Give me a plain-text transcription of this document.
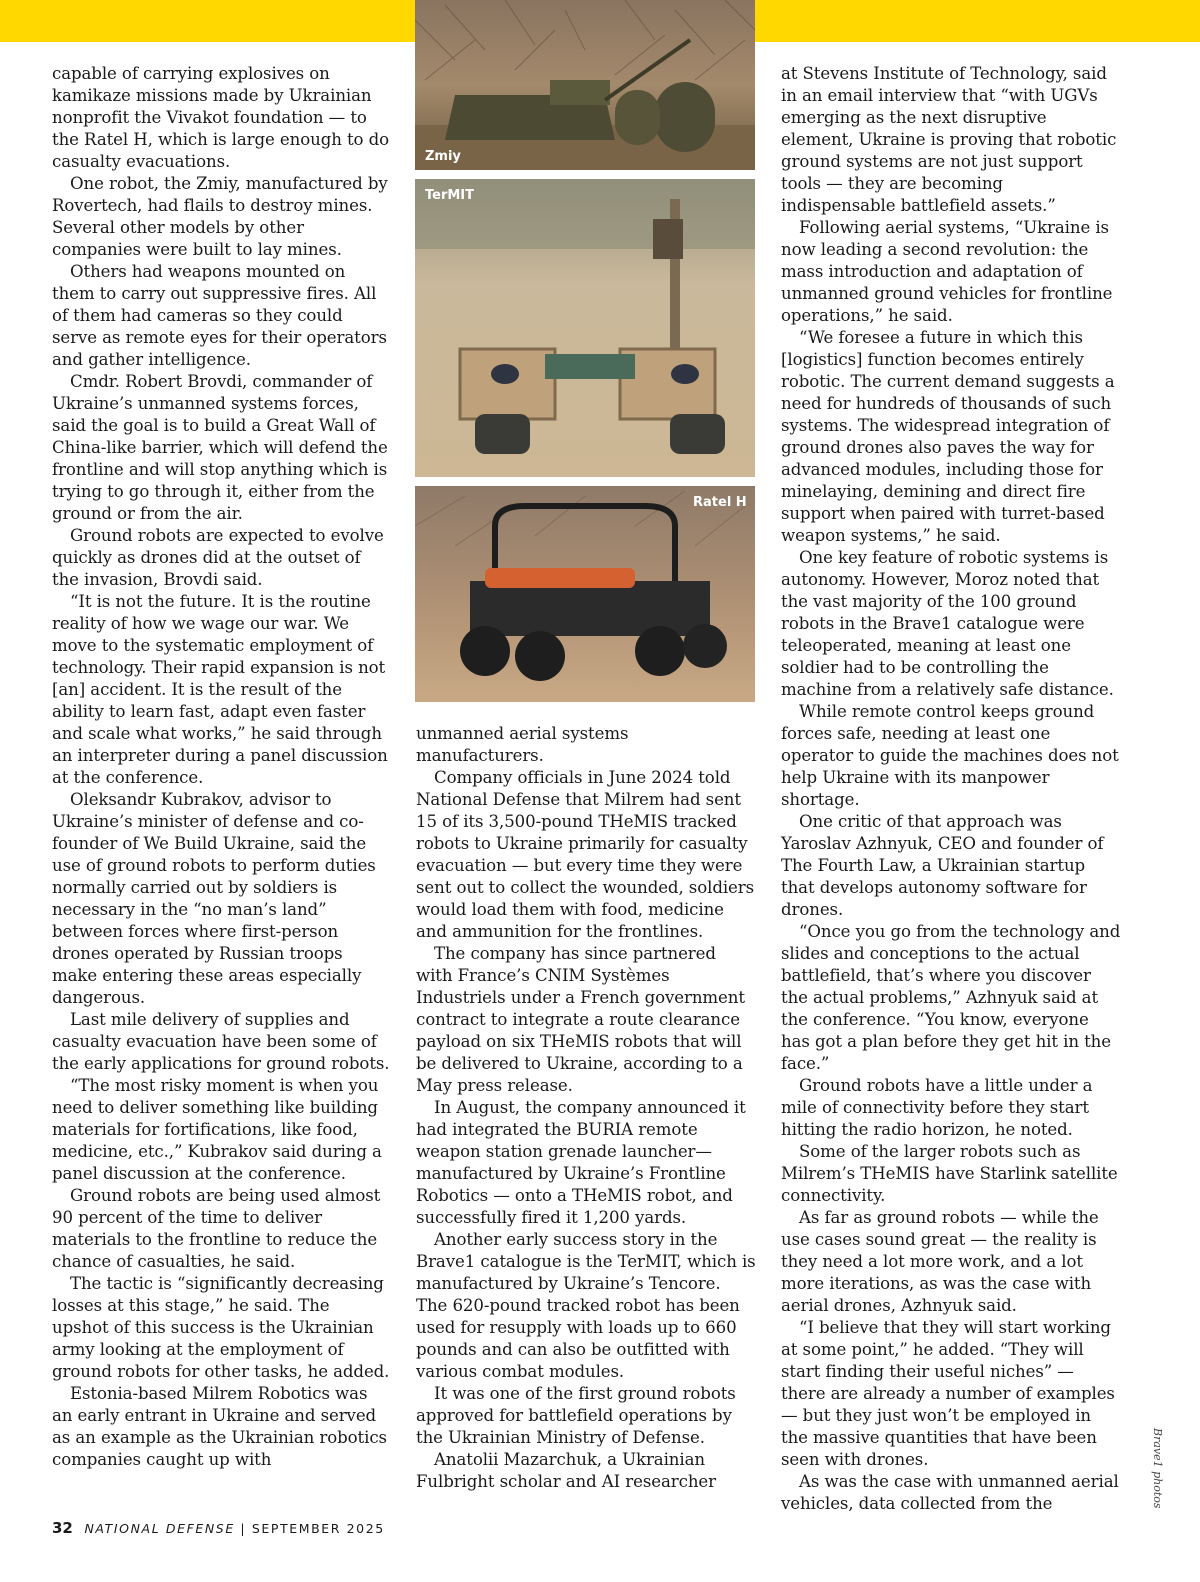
capable of carrying explosives on kamikaze missions made by Ukrainian nonprofit the Vivakot foundation — to the Ratel H, which is large enough to do casualty evacuations.

One robot, the Zmiy, manufactured by Rovertech, had flails to destroy mines. Several other models by other companies were built to lay mines.

Others had weapons mounted on them to carry out suppressive fires. All of them had cameras so they could serve as remote eyes for their operators and gather intelligence.

Cmdr. Robert Brovdi, commander of Ukraine’s unmanned systems forces, said the goal is to build a Great Wall of China-like barrier, which will defend the frontline and will stop anything which is trying to go through it, either from the ground or from the air.

Ground robots are expected to evolve quickly as drones did at the outset of the invasion, Brovdi said.

“It is not the future. It is the routine reality of how we wage our war. We move to the systematic employment of technology. Their rapid expansion is not [an] accident. It is the result of the ability to learn fast, adapt even faster and scale what works,” he said through an interpreter during a panel discussion at the conference.

Oleksandr Kubrakov, advisor to Ukraine’s minister of defense and co-founder of We Build Ukraine, said the use of ground robots to perform duties normally carried out by soldiers is necessary in the “no man’s land” between forces where first-person drones operated by Russian troops make entering these areas especially dangerous.

Last mile delivery of supplies and casualty evacuation have been some of the early applications for ground robots.

“The most risky moment is when you need to deliver something like building materials for fortifications, like food, medicine, etc.,” Kubrakov said during a panel discussion at the conference.

Ground robots are being used almost 90 percent of the time to deliver materials to the frontline to reduce the chance of casualties, he said.

The tactic is “significantly decreasing losses at this stage,” he said. The upshot of this success is the Ukrainian army looking at the employment of ground robots for other tasks, he added.

Estonia-based Milrem Robotics was an early entrant in Ukraine and served as an example as the Ukrainian robotics companies caught up with

Zmiy
TerMIT
Ratel H

unmanned aerial systems manufacturers.

Company officials in June 2024 told National Defense that Milrem had sent 15 of its 3,500-pound THeMIS tracked robots to Ukraine primarily for casualty evacuation — but every time they were sent out to collect the wounded, soldiers would load them with food, medicine and ammunition for the frontlines.

The company has since partnered with France’s CNIM Systèmes Industriels under a French government contract to integrate a route clearance payload on six THeMIS robots that will be delivered to Ukraine, according to a May press release.

In August, the company announced it had integrated the BURIA remote weapon station grenade launcher—manufactured by Ukraine’s Frontline Robotics — onto a THeMIS robot, and successfully fired it 1,200 yards.

Another early success story in the Brave1 catalogue is the TerMIT, which is manufactured by Ukraine’s Tencore. The 620-pound tracked robot has been used for resupply with loads up to 660 pounds and can also be outfitted with various combat modules.

It was one of the first ground robots approved for battlefield operations by the Ukrainian Ministry of Defense.

Anatolii Mazarchuk, a Ukrainian Fulbright scholar and AI researcher

at Stevens Institute of Technology, said in an email interview that “with UGVs emerging as the next disruptive element, Ukraine is proving that robotic ground systems are not just support tools — they are becoming indispensable battlefield assets.”

Following aerial systems, “Ukraine is now leading a second revolution: the mass introduction and adaptation of unmanned ground vehicles for frontline operations,” he said.

“We foresee a future in which this [logistics] function becomes entirely robotic. The current demand suggests a need for hundreds of thousands of such systems. The widespread integration of ground drones also paves the way for advanced modules, including those for minelaying, demining and direct fire support when paired with turret-based weapon systems,” he said.

One key feature of robotic systems is autonomy. However, Moroz noted that the vast majority of the 100 ground robots in the Brave1 catalogue were teleoperated, meaning at least one soldier had to be controlling the machine from a relatively safe distance.

While remote control keeps ground forces safe, needing at least one operator to guide the machines does not help Ukraine with its manpower shortage.

One critic of that approach was Yaroslav Azhnyuk, CEO and founder of The Fourth Law, a Ukrainian startup that develops autonomy software for drones.

“Once you go from the technology and slides and conceptions to the actual battlefield, that’s where you discover the actual problems,” Azhnyuk said at the conference. “You know, everyone has got a plan before they get hit in the face.”

Ground robots have a little under a mile of connectivity before they start hitting the radio horizon, he noted.

Some of the larger robots such as Milrem’s THeMIS have Starlink satellite connectivity.

As far as ground robots — while the use cases sound great — the reality is they need a lot more work, and a lot more iterations, as was the case with aerial drones, Azhnyuk said.

“I believe that they will start working at some point,” he added. “They will start finding their useful niches” — there are already a number of examples — but they just won’t be employed in the massive quantities that have been seen with drones.

As was the case with unmanned aerial vehicles, data collected from the	Brave1 photos
32 NATIONAL DEFENSE | SEPTEMBER 2025
